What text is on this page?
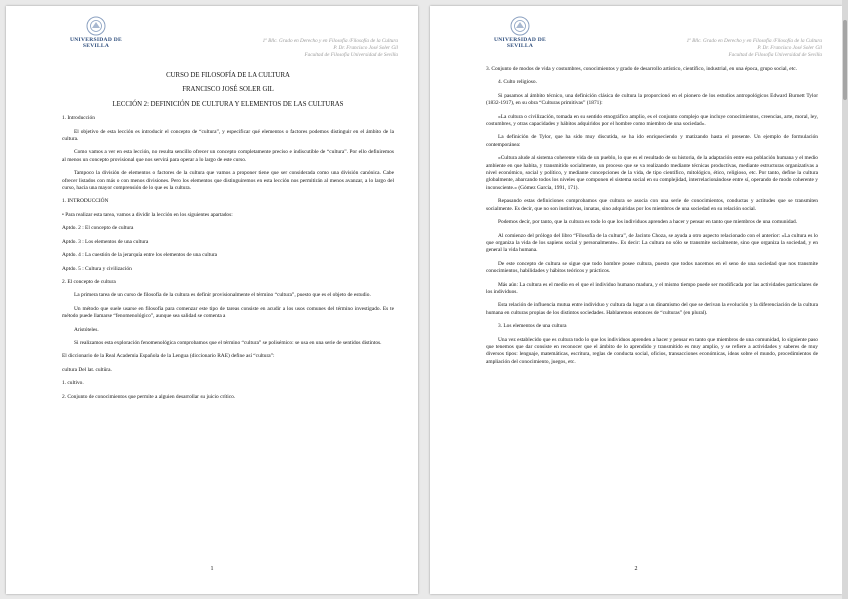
UNIVERSIDAD DE SEVILLA
1º Bllc. Grado en Derecho y en Filosofía /Filosofía de la Cultura
P. Dr. Francisco José Soler Gil
Facultad de Filosofía Universidad de Sevilla
CURSO DE FILOSOFÍA DE LA CULTURA
FRANCISCO JOSÉ SOLER GIL
LECCIÓN 2: DEFINICIÓN DE CULTURA Y ELEMENTOS DE LAS CULTURAS
1. Introducción
El objetivo de esta lección es introducir el concepto de “cultura”, y especificar qué elementos o factores podemos distinguir en el ámbito de la cultura.
Como vamos a ver en esta lección, no resulta sencillo ofrecer un concepto completamente preciso e indiscutible de “cultura”. Por ello definiremos al menos un concepto provisional que nos servirá para operar a lo largo de este curso.
Tampoco la división de elementos o factores de la cultura que vamos a proponer tiene que ser considerada como una división canónica. Cabe ofrecer listados con más o con menos divisiones. Pero los elementos que distinguiremos en esta lección nos permitirán al menos avanzar, a lo largo del curso, hacia una mayor comprensión de lo que es la cultura.
1. INTRODUCCIÓN
• Para realizar esta tarea, vamos a dividir la lección en los siguientes apartados:
Aptdo. 2 : El concepto de cultura
Aptdo. 3 : Los elementos de una cultura
Aptdo. 4 : La cuestión de la jerarquía entre los elementos de una cultura
Aptdo. 5 : Cultura y civilización
2. El concepto de cultura
La primera tarea de un curso de filosofía de la cultura es definir provisionalmente el término “cultura”, puesto que es el objeto de estudio.
Un método que suele usarse en filosofía para comenzar este tipo de tareas consiste en acudir a los usos comunes del término investigado. Es te método puede llamarse “fenomenológico”, aunque sea salidad se comenta a
Aristóteles.
Si realizamos esta exploración fenomenológica comprobamos que el término “cultura” se polisémico: se usa en una serie de sentidos distintos.
El diccionario de la Real Academia Española de la Lengua (diccionario RAE) define así “cultura”:
cultura Del lat. cultūra.
1. cultivo.
2. Conjunto de conocimientos que permite a alguien desarrollar su juicio crítico.
1
UNIVERSIDAD DE SEVILLA
1º Bllc. Grado en Derecho y en Filosofía /Filosofía de la Cultura
P. Dr. Francisco José Soler Gil
Facultad de Filosofía Universidad de Sevilla
3. Conjunto de modos de vida y costumbres, conocimientos y grado de desarrollo artístico, científico, industrial, en una época, grupo social, etc.
4. Culto religioso.
Si pasamos al ámbito técnico, una definición clásica de cultura la proporcionó en el pionero de los estudios antropológicos Edward Burnett Tylor (1832-1917), en su obra “Culturas primitivas” (1871):
«La cultura o civilización, tomada en su sentido etnográfico amplio, es el conjunto complejo que incluye conocimientos, creencias, arte, moral, ley, costumbres, y otras capacidades y hábitos adquiridos por el hombre como miembro de una sociedad».
La definición de Tylor, que ha sido muy discutida, se ha ido enriqueciendo y matizando hasta el presente. Un ejemplo de formulación contemporánea:
«Cultura alude al sistema coherente vida de un pueblo, lo que es el resultado de su historia, de la adaptación entre esa población humana y el medio ambiente en que habita, y transmitido socialmente, un proceso que se va realizando mediante técnicas productivas, mediante estructuras organizativas a nivel económico, social y político, y mediante concepciones de la vida, de tipo científico, mitológico, ético, religioso, etc. Por tanto, define la cultura globalmente, abarcando todos los niveles que componen el sistema social en su complejidad, interrelacionándose entre sí, operando de modo coherente y inconsciente.» (Gómez García, 1991, 171).
Repasando estas definiciones comprobamos que cultura se asocia con una serie de conocimientos, conductas y actitudes que se transmiten socialmente. Es decir, que no son instintivas, innatas, sino adquiridas por los miembros de una sociedad en su relación social.
Podemos decir, por tanto, que la cultura es todo lo que los individuos aprenden a hacer y pensar en tanto que miembros de una comunidad.
Al comienzo del prólogo del libro “Filosofía de la cultura”, de Jacinto Choza, se ayuda a otro aspecto relacionado con el anterior: «La cultura es lo que organiza la vida de los sapiens social y personalmente». Es decir: La cultura no sólo se transmite socialmente, sino que organiza la sociedad, y en general la vida humana.
De este concepto de cultura se sigue que todo hombre posee cultura, puesto que todos nacemos en el seno de una sociedad que nos transmite conocimientos, habilidades y hábitos teóricos y prácticos.
Más aún: La cultura es el medio en el que el individuo humano madura, y el mismo tiempo puede ser modificada por las actividades particulares de los individuos.
Esta relación de influencia mutua entre individuo y cultura da lugar a un dinamismo del que se derivan la evolución y la diferenciación de la cultura humana en culturas propias de los distintos sociedades. Hablaremos entonces de “culturas” (en plural).
3. Los elementos de una cultura
Una vez establecido que es cultura todo lo que los individuos aprenden a hacer y pensar en tanto que miembros de una comunidad, lo siguiente paso que tenemos que dar consiste en reconocer que el ámbito de lo aprendido y transmitido es muy amplio, y se refiere a actividades y saberes de muy diversos tipos: lenguaje, matemáticas, escritura, reglas de conducta social, oficios, transacciones económicas, ideas sobre el mundo, procedimientos de ampliación del conocimiento, juegos, etc.
2
